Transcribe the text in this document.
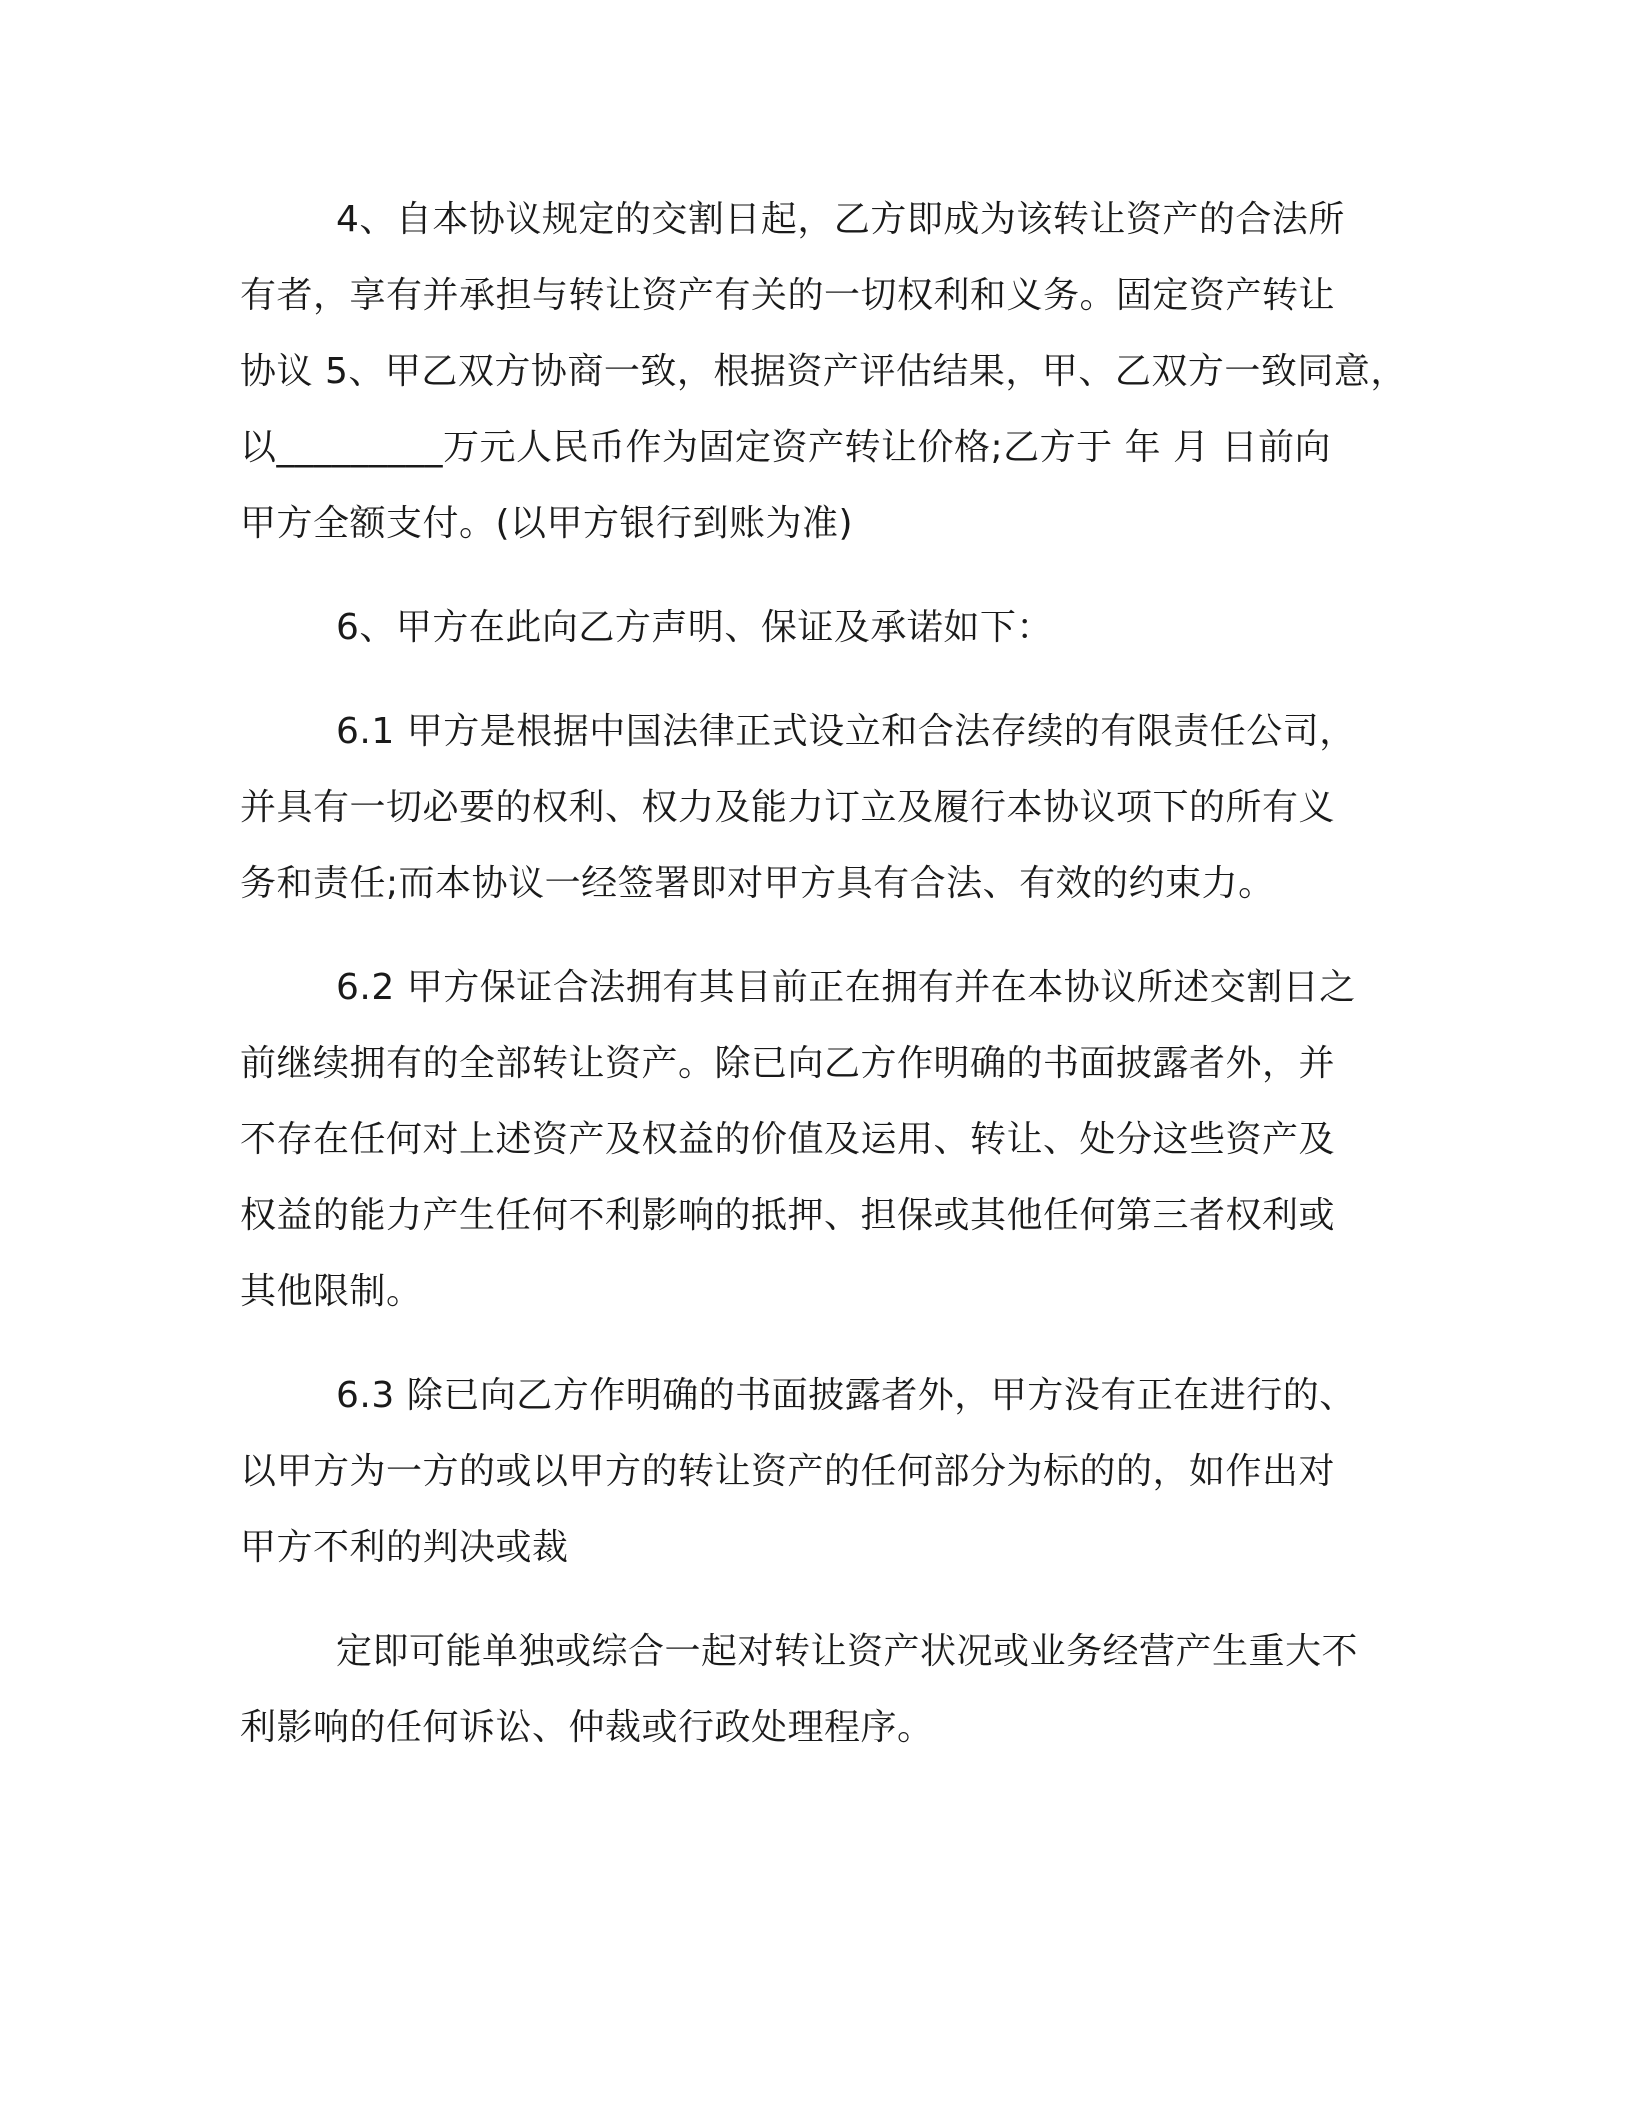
4、自本协议规定的交割日起，乙方即成为该转让资产的合法所
有者，享有并承担与转让资产有关的一切权利和义务。固定资产转让
协议 5、甲乙双方协商一致，根据资产评估结果，甲、乙双方一致同意，
以_________万元人民币作为固定资产转让价格;乙方于 年 月 日前向
甲方全额支付。(以甲方银行到账为准)
6、甲方在此向乙方声明、保证及承诺如下：
6.1 甲方是根据中国法律正式设立和合法存续的有限责任公司，
并具有一切必要的权利、权力及能力订立及履行本协议项下的所有义
务和责任;而本协议一经签署即对甲方具有合法、有效的约束力。
6.2 甲方保证合法拥有其目前正在拥有并在本协议所述交割日之
前继续拥有的全部转让资产。除已向乙方作明确的书面披露者外，并
不存在任何对上述资产及权益的价值及运用、转让、处分这些资产及
权益的能力产生任何不利影响的抵押、担保或其他任何第三者权利或
其他限制。
6.3 除已向乙方作明确的书面披露者外，甲方没有正在进行的、
以甲方为一方的或以甲方的转让资产的任何部分为标的的，如作出对
甲方不利的判决或裁
定即可能单独或综合一起对转让资产状况或业务经营产生重大不
利影响的任何诉讼、仲裁或行政处理程序。
